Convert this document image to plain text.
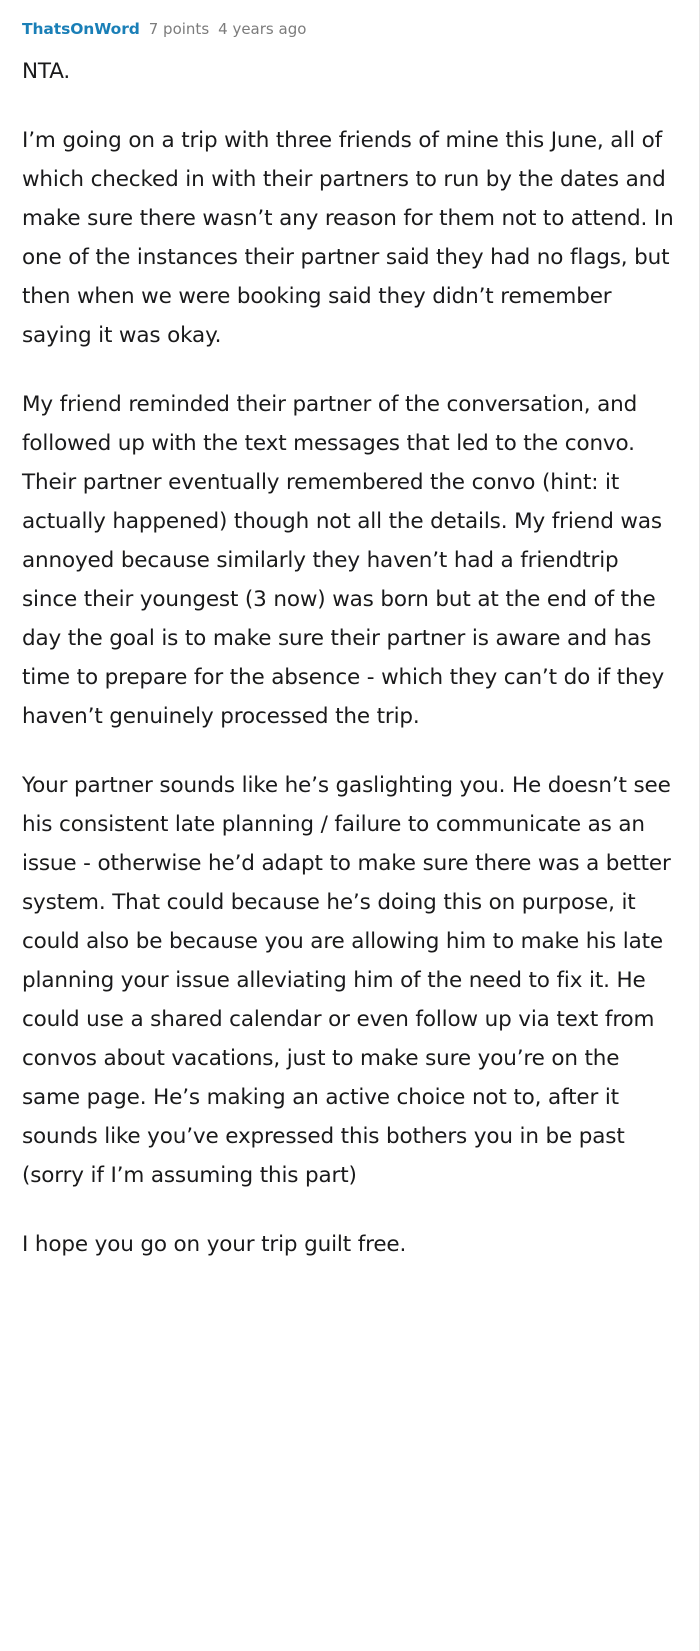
ThatsOnWord 7 points 4 years ago

NTA.

I’m going on a trip with three friends of mine this June, all of which checked in with their partners to run by the dates and make sure there wasn’t any reason for them not to attend. In one of the instances their partner said they had no flags, but then when we were booking said they didn’t remember saying it was okay.

My friend reminded their partner of the conversation, and followed up with the text messages that led to the convo. Their partner eventually remembered the convo (hint: it actually happened) though not all the details. My friend was annoyed because similarly they haven’t had a friendtrip since their youngest (3 now) was born but at the end of the day the goal is to make sure their partner is aware and has time to prepare for the absence - which they can’t do if they haven’t genuinely processed the trip.

Your partner sounds like he’s gaslighting you. He doesn’t see his consistent late planning / failure to communicate as an issue - otherwise he’d adapt to make sure there was a better system. That could because he’s doing this on purpose, it could also be because you are allowing him to make his late planning your issue alleviating him of the need to fix it. He could use a shared calendar or even follow up via text from convos about vacations, just to make sure you’re on the same page. He’s making an active choice not to, after it sounds like you’ve expressed this bothers you in be past (sorry if I’m assuming this part)

I hope you go on your trip guilt free.
